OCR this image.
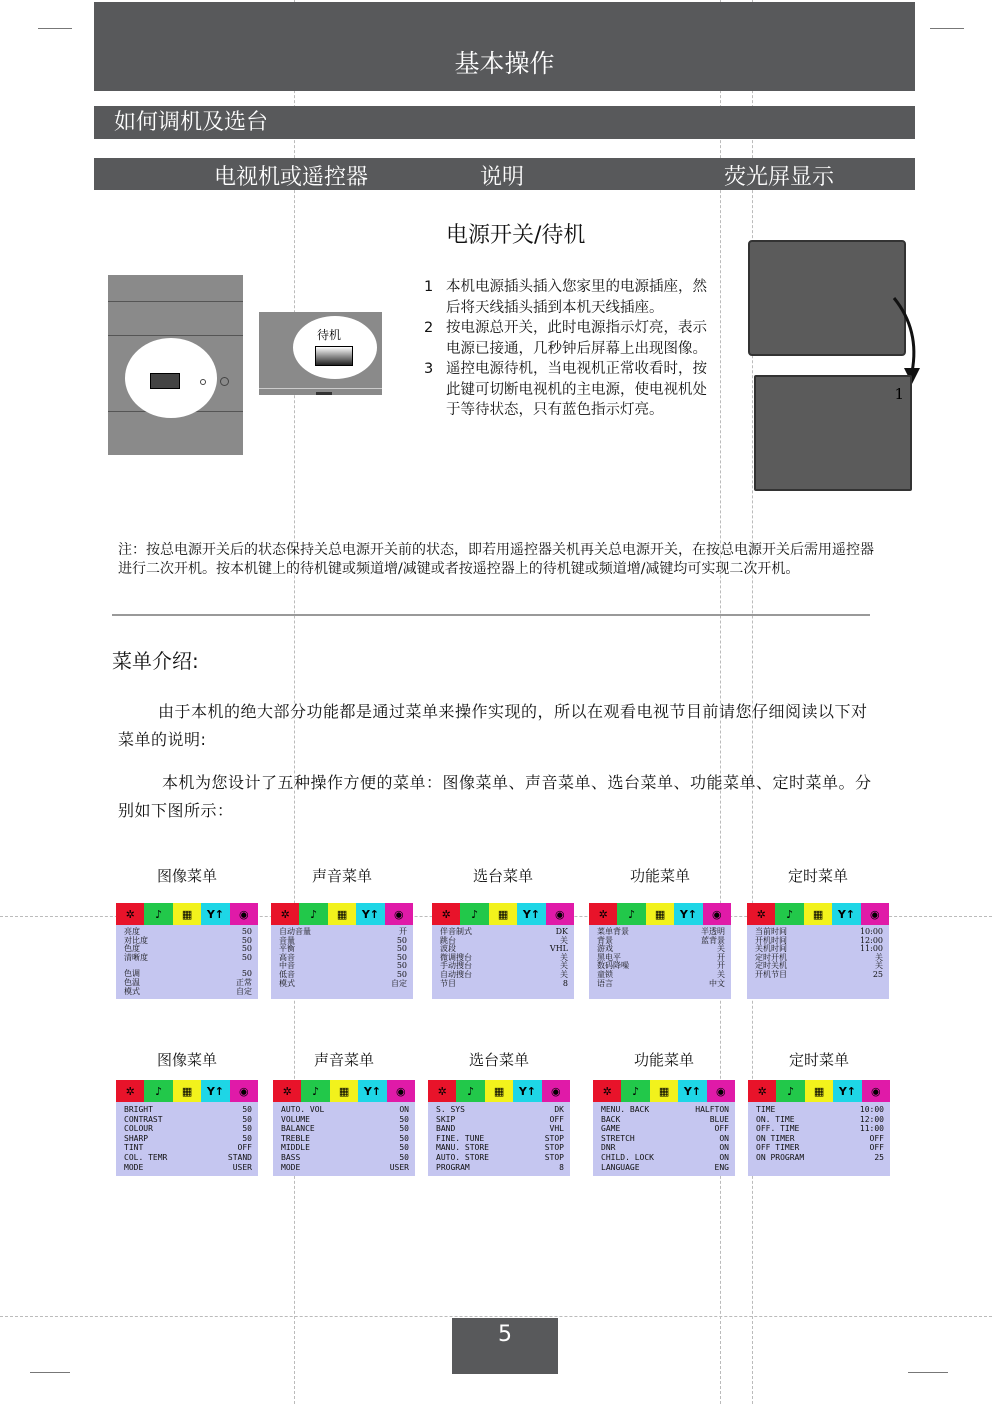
基本操作
如何调机及选台
电视机或遥控器	说明	荧光屏显示
电源开关/待机
待机
1 本机电源插头插入您家里的电源插座，然后将天线插头插到本机天线插座。
2 按电源总开关，此时电源指示灯亮，表示电源已接通，几秒钟后屏幕上出现图像。
3 遥控电源待机，当电视机正常收看时，按此键可切断电视机的主电源，使电视机处于等待状态，只有蓝色指示灯亮。
1
注：按总电源开关后的状态保持关总电源开关前的状态，即若用遥控器关机再关总电源开关，在按总电源开关后需用遥控器进行二次开机。按本机键上的待机键或频道增/减键或者按遥控器上的待机键或频道增/减键均可实现二次开机。
菜单介绍:
由于本机的绝大部分功能都是通过菜单来操作实现的，所以在观看电视节目前请您仔细阅读以下对菜单的说明:
本机为您设计了五种操作方便的菜单：图像菜单、声音菜单、选台菜单、功能菜单、定时菜单。分别如下图所示：
图像菜单
✲	♪	▦	Y↑	◉
亮度	50
对比度	50
色度	50
清晰度	50
色调	50
色温	正常
模式	自定
声音菜单
✲	♪	▦	Y↑	◉
自动音量	开
音量	50
平衡	50
高音	50
中音	50
低音	50
模式	自定
选台菜单
✲	♪	▦	Y↑	◉
伴音制式	DK
跳台	关
波段	VHL
微调搜台	关
手动搜台	关
自动搜台	关
节目	8
功能菜单
✲	♪	▦	Y↑	◉
菜单背景	半透明
背景	蓝背景
游戏	关
黑电平	开
数码降噪	开
童锁	关
语言	中文
定时菜单
✲	♪	▦	Y↑	◉
当前时间	10:00
开机时间	12:00
关机时间	11:00
定时开机	关
定时关机	关
开机节目	25
图像菜单
✲	♪	▦	Y↑	◉
BRIGHT	50
CONTRAST	50
COLOUR	50
SHARP	50
TINT	OFF
COL. TEMR	STAND
MODE	USER
声音菜单
✲	♪	▦	Y↑	◉
AUTO. VOL	ON
VOLUME	50
BALANCE	50
TREBLE	50
MIDDLE	50
BASS	50
MODE	USER
选台菜单
✲	♪	▦	Y↑	◉
S. SYS	DK
SKIP	OFF
BAND	VHL
FINE. TUNE	STOP
MANU. STORE	STOP
AUTO. STORE	STOP
PROGRAM	8
功能菜单
✲	♪	▦	Y↑	◉
MENU. BACK	HALFTON
BACK	BLUE
GAME	OFF
STRETCH	ON
DNR	ON
CHILD. LOCK	ON
LANGUAGE	ENG
定时菜单
✲	♪	▦	Y↑	◉
TIME	10:00
ON. TIME	12:00
OFF. TIME	11:00
ON TIMER	OFF
OFF TIMER	OFF
ON PROGRAM	25
5
